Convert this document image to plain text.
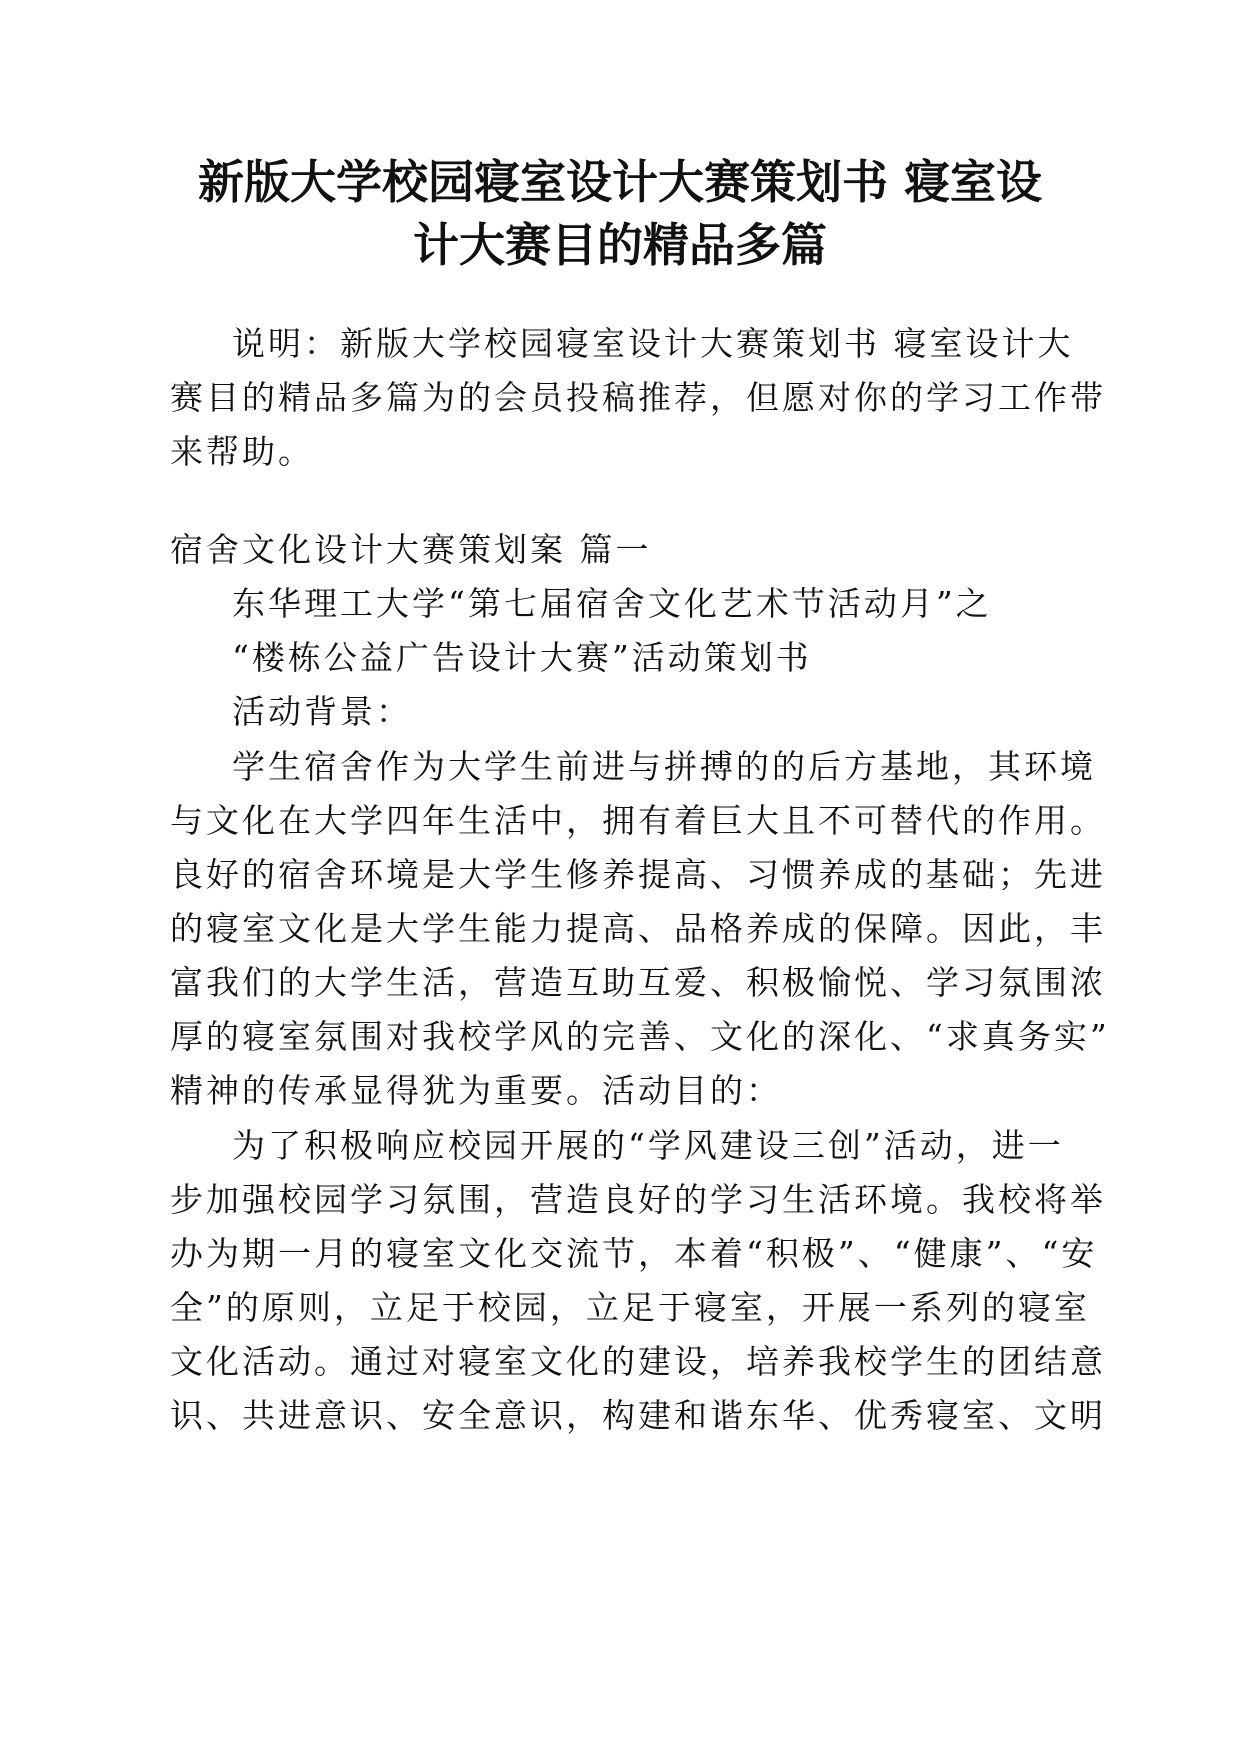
新版大学校园寝室设计大赛策划书 寝室设
计大赛目的精品多篇
说明：新版大学校园寝室设计大赛策划书 寝室设计大
赛目的精品多篇为的会员投稿推荐，但愿对你的学习工作带
来帮助。
宿舍文化设计大赛策划案 篇一
东华理工大学“第七届宿舍文化艺术节活动月”之
“楼栋公益广告设计大赛”活动策划书
活动背景：
学生宿舍作为大学生前进与拼搏的的后方基地，其环境
与文化在大学四年生活中，拥有着巨大且不可替代的作用。
良好的宿舍环境是大学生修养提高、习惯养成的基础；先进
的寝室文化是大学生能力提高、品格养成的保障。因此，丰
富我们的大学生活，营造互助互爱、积极愉悦、学习氛围浓
厚的寝室氛围对我校学风的完善、文化的深化、“求真务实”
精神的传承显得犹为重要。活动目的：
为了积极响应校园开展的“学风建设三创”活动，进一
步加强校园学习氛围，营造良好的学习生活环境。我校将举
办为期一月的寝室文化交流节，本着“积极”、“健康”、“安
全”的原则，立足于校园，立足于寝室，开展一系列的寝室
文化活动。通过对寝室文化的建设，培养我校学生的团结意
识、共进意识、安全意识，构建和谐东华、优秀寝室、文明
